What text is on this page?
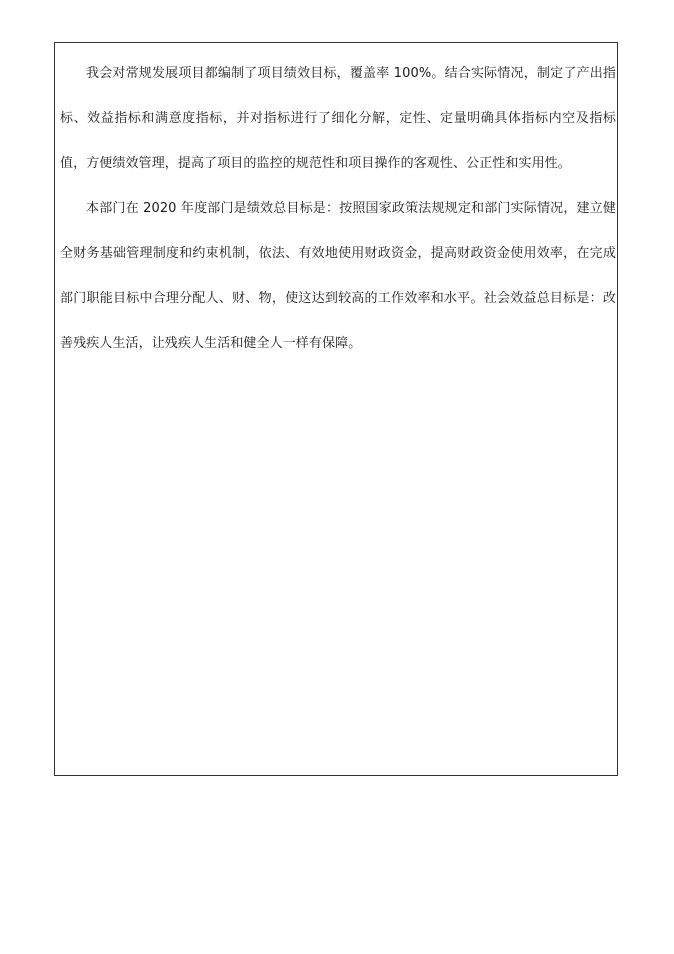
我会对常规发展项目都编制了项目绩效目标，覆盖率 100%。结合实际情况，制定了产出指标、效益指标和满意度指标，并对指标进行了细化分解，定性、定量明确具体指标内空及指标值，方便绩效管理，提高了项目的监控的规范性和项目操作的客观性、公正性和实用性。

本部门在 2020 年度部门是绩效总目标是：按照国家政策法规规定和部门实际情况，建立健全财务基础管理制度和约束机制，依法、有效地使用财政资金，提高财政资金使用效率，在完成部门职能目标中合理分配人、财、物，使这达到较高的工作效率和水平。社会效益总目标是：改善残疾人生活，让残疾人生活和健全人一样有保障。
